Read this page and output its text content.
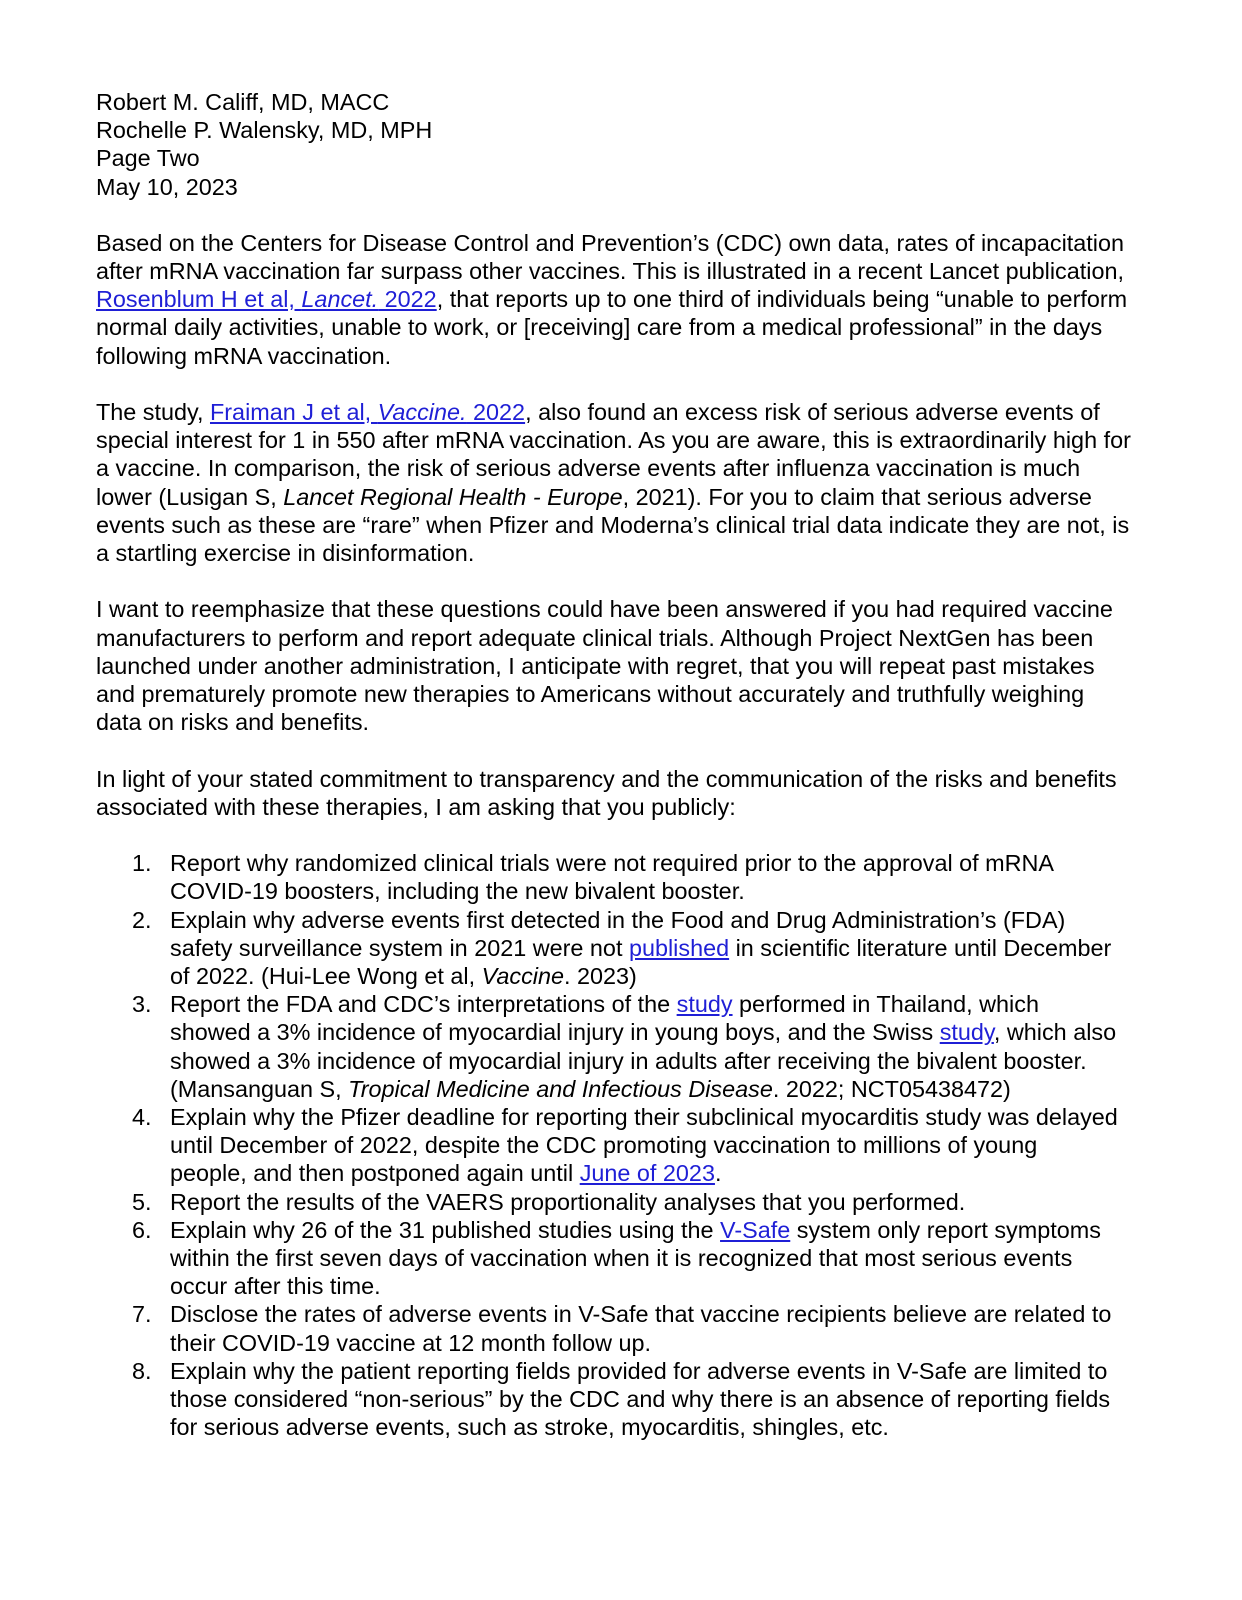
Robert M. Califf, MD, MACC
Rochelle P. Walensky, MD, MPH
Page Two
May 10, 2023

Based on the Centers for Disease Control and Prevention’s (CDC) own data, rates of incapacitation after mRNA vaccination far surpass other vaccines. This is illustrated in a recent Lancet publication, Rosenblum H et al, Lancet. 2022, that reports up to one third of individuals being “unable to perform normal daily activities, unable to work, or [receiving] care from a medical professional” in the days following mRNA vaccination.

The study, Fraiman J et al, Vaccine. 2022, also found an excess risk of serious adverse events of special interest for 1 in 550 after mRNA vaccination. As you are aware, this is extraordinarily high for a vaccine. In comparison, the risk of serious adverse events after influenza vaccination is much lower (Lusigan S, Lancet Regional Health - Europe, 2021). For you to claim that serious adverse events such as these are “rare” when Pfizer and Moderna’s clinical trial data indicate they are not, is a startling exercise in disinformation.

I want to reemphasize that these questions could have been answered if you had required vaccine manufacturers to perform and report adequate clinical trials. Although Project NextGen has been launched under another administration, I anticipate with regret, that you will repeat past mistakes and prematurely promote new therapies to Americans without accurately and truthfully weighing data on risks and benefits.

In light of your stated commitment to transparency and the communication of the risks and benefits associated with these therapies, I am asking that you publicly:

1. Report why randomized clinical trials were not required prior to the approval of mRNA COVID-19 boosters, including the new bivalent booster.
2. Explain why adverse events first detected in the Food and Drug Administration’s (FDA) safety surveillance system in 2021 were not published in scientific literature until December of 2022. (Hui-Lee Wong et al, Vaccine. 2023)
3. Report the FDA and CDC’s interpretations of the study performed in Thailand, which showed a 3% incidence of myocardial injury in young boys, and the Swiss study, which also showed a 3% incidence of myocardial injury in adults after receiving the bivalent booster. (Mansanguan S, Tropical Medicine and Infectious Disease. 2022; NCT05438472)
4. Explain why the Pfizer deadline for reporting their subclinical myocarditis study was delayed until December of 2022, despite the CDC promoting vaccination to millions of young people, and then postponed again until June of 2023.
5. Report the results of the VAERS proportionality analyses that you performed.
6. Explain why 26 of the 31 published studies using the V-Safe system only report symptoms within the first seven days of vaccination when it is recognized that most serious events occur after this time.
7. Disclose the rates of adverse events in V-Safe that vaccine recipients believe are related to their COVID-19 vaccine at 12 month follow up.
8. Explain why the patient reporting fields provided for adverse events in V-Safe are limited to those considered “non-serious” by the CDC and why there is an absence of reporting fields for serious adverse events, such as stroke, myocarditis, shingles, etc.
